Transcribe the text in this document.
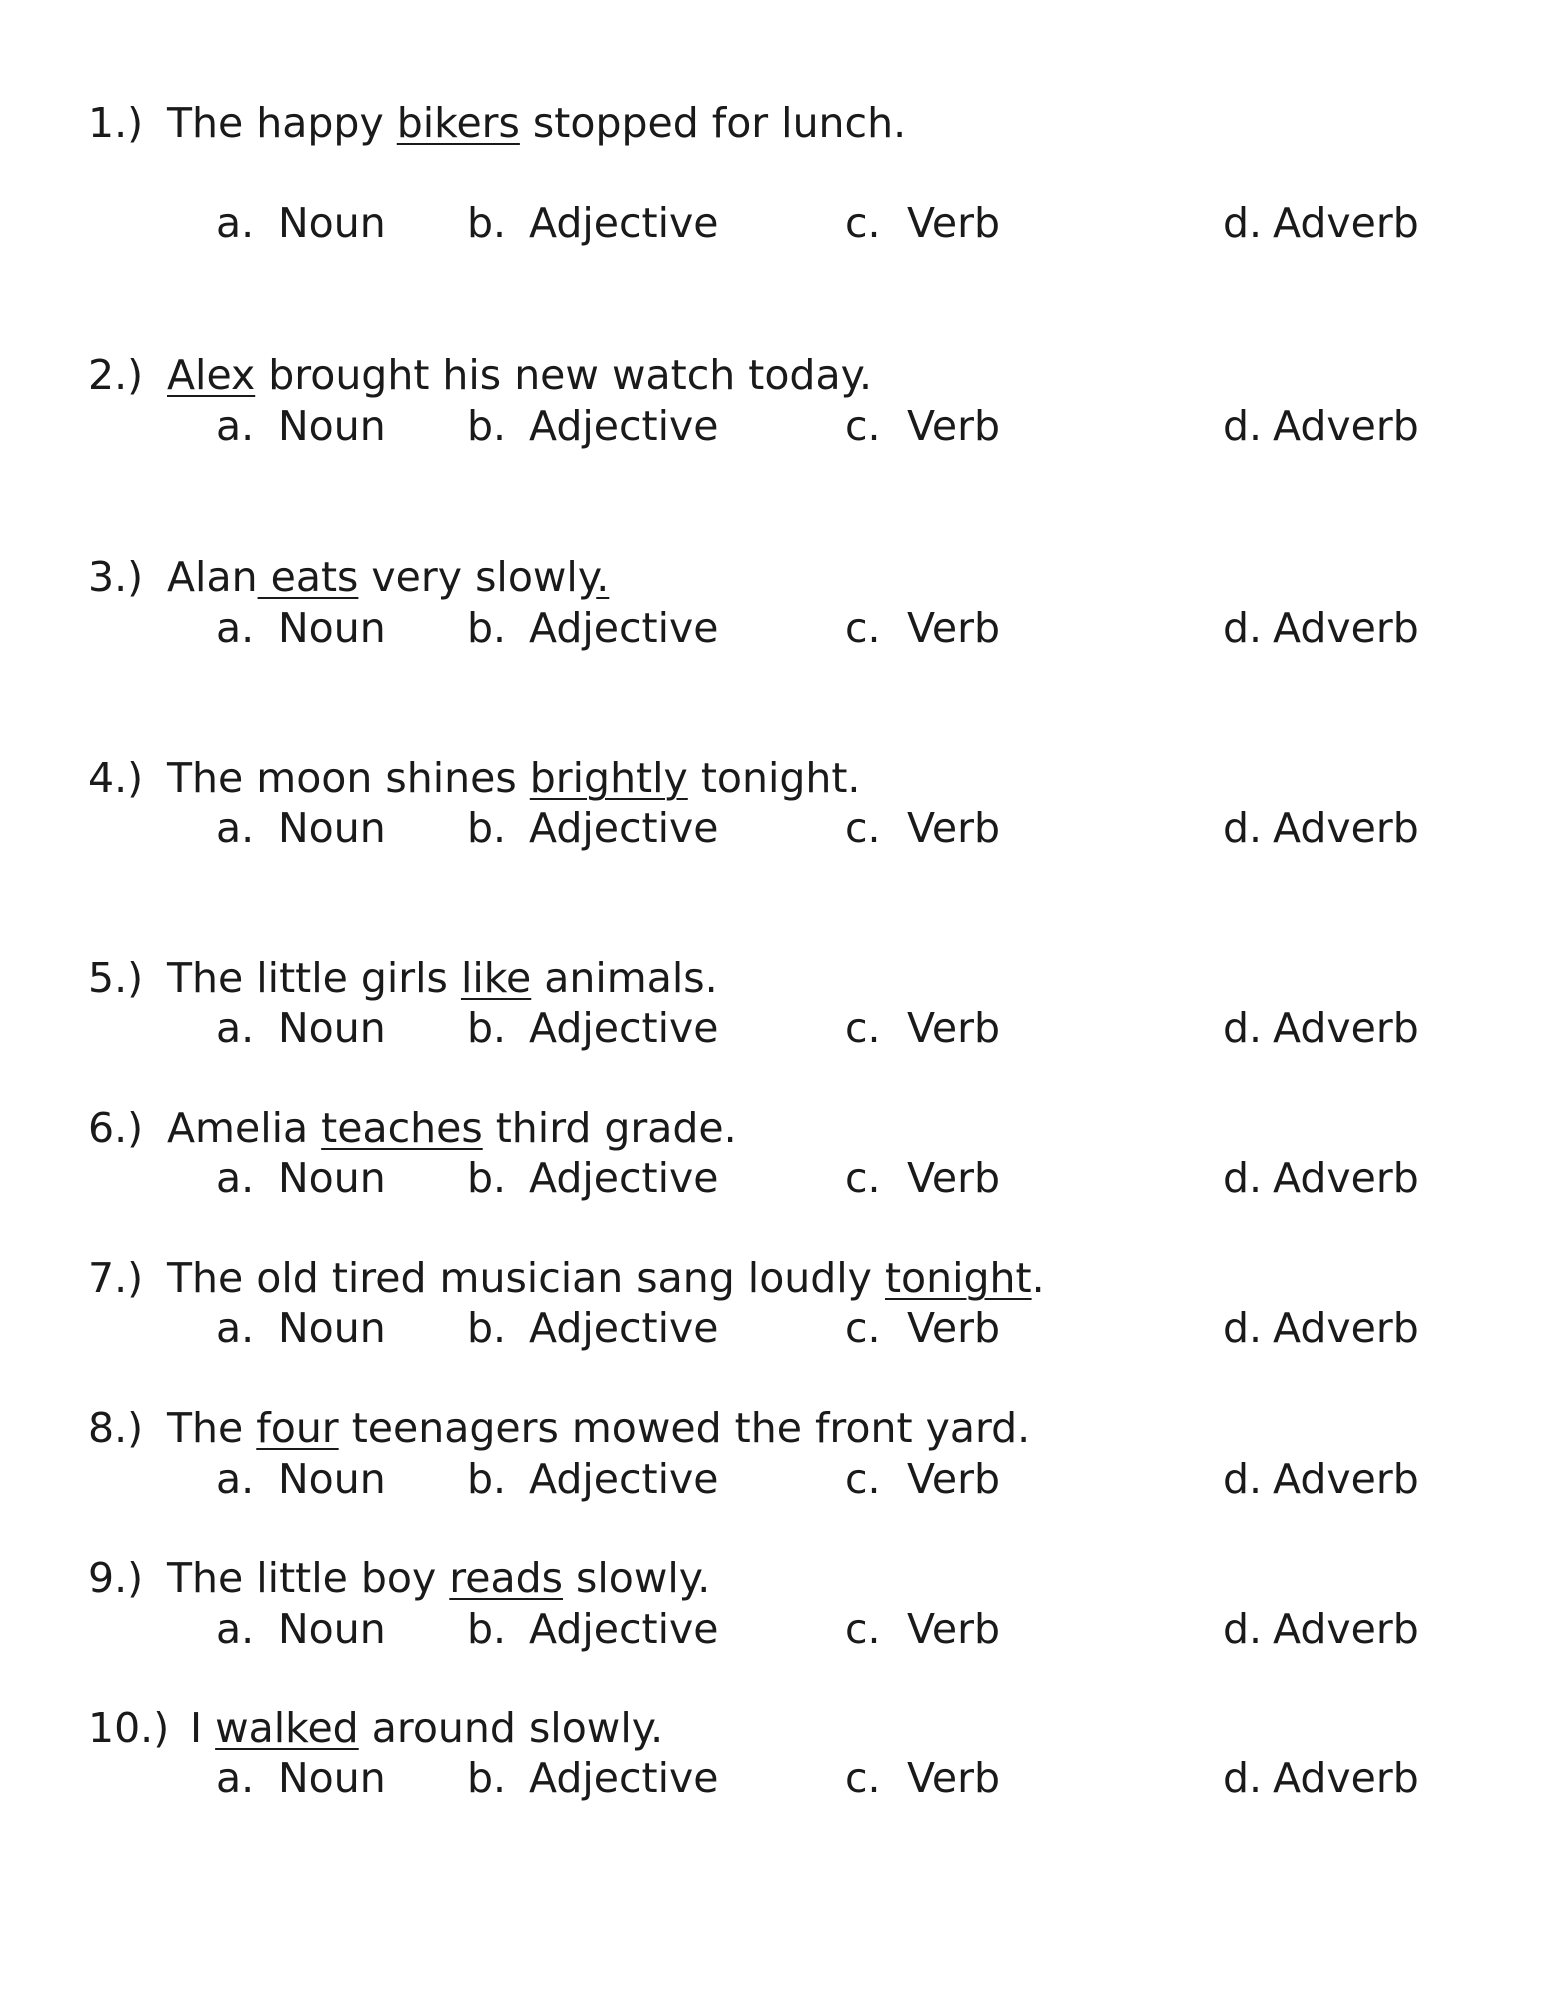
1.) The happy bikers stopped for lunch.
a. Noun b. Adjective	c. Verb	d. Adverb
2.) Alex brought his new watch today.
a. Noun b. Adjective	c. Verb	d. Adverb
3.) Alan eats very slowly.
a. Noun b. Adjective	c. Verb	d. Adverb
4.) The moon shines brightly tonight.
a. Noun b. Adjective	c. Verb	d. Adverb
5.) The little girls like animals.
a. Noun b. Adjective	c. Verb	d. Adverb
6.) Amelia teaches third grade.
a. Noun b. Adjective	c. Verb	d. Adverb
7.) The old tired musician sang loudly tonight.
a. Noun b. Adjective	c. Verb	d. Adverb
8.) The four teenagers mowed the front yard.
a. Noun b. Adjective	c. Verb	d. Adverb
9.) The little boy reads slowly.
a. Noun b. Adjective	c. Verb	d. Adverb
10.) I walked around slowly.
a. Noun b. Adjective	c. Verb	d. Adverb
